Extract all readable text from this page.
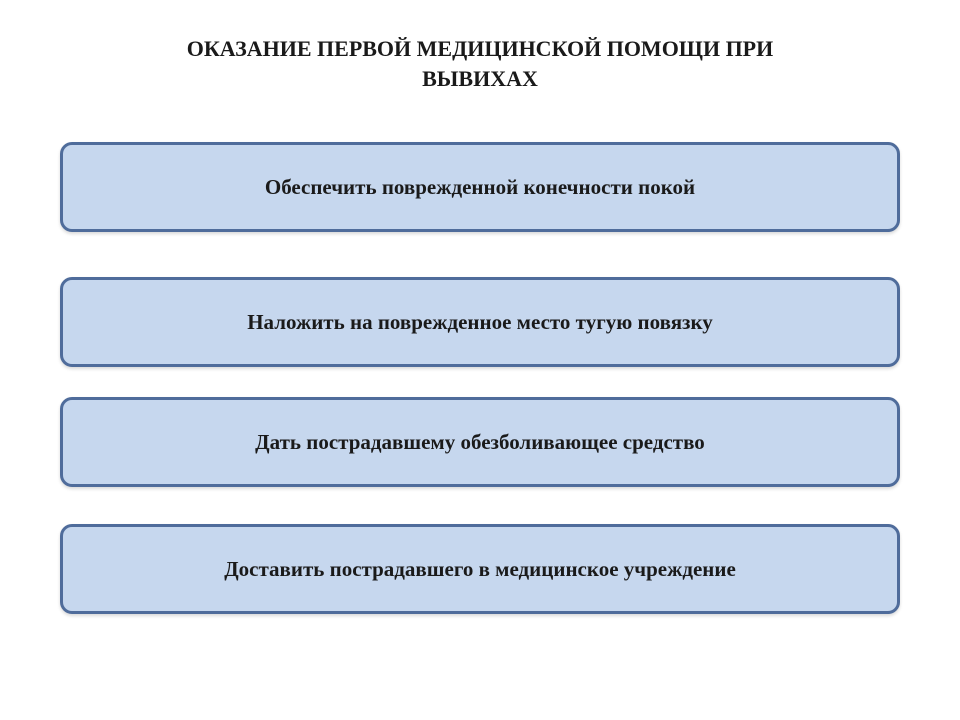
ОКАЗАНИЕ ПЕРВОЙ МЕДИЦИНСКОЙ ПОМОЩИ ПРИ
ВЫВИХАХ
Обеспечить поврежденной конечности покой
Наложить на поврежденное место тугую повязку
Дать пострадавшему обезболивающее средство
Доставить пострадавшего в медицинское учреждение
